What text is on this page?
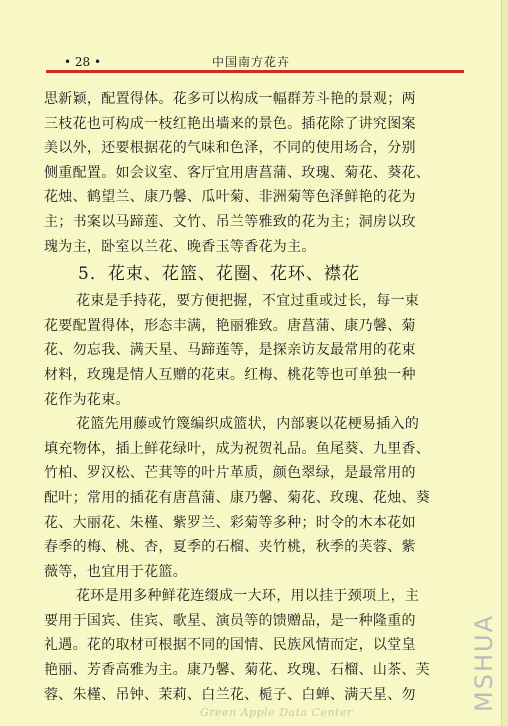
• 28 •	中国南方花卉
思新颖，配置得体。花多可以构成一幅群芳斗艳的景观；两
三枝花也可构成一枝红艳出墙来的景色。插花除了讲究图案
美以外，还要根据花的气味和色泽，不同的使用场合，分别
侧重配置。如会议室、客厅宜用唐菖蒲、玫瑰、菊花、葵花、
花烛、鹤望兰、康乃馨、瓜叶菊、非洲菊等色泽鲜艳的花为
主；书案以马蹄莲、文竹、吊兰等雅致的花为主；洞房以玫
瑰为主，卧室以兰花、晚香玉等香花为主。
5．花束、花篮、花圈、花环、襟花
花束是手持花，要方便把握，不宜过重或过长，每一束
花要配置得体，形态丰满，艳丽雅致。唐菖蒲、康乃馨、菊
花、勿忘我、满天星、马蹄莲等，是探亲访友最常用的花束
材料，玫瑰是情人互赠的花束。红梅、桃花等也可单独一种
花作为花束。
花篮先用藤或竹篾编织成篮状，内部裹以花梗易插入的
填充物体，插上鲜花绿叶，成为祝贺礼品。鱼尾葵、九里香、
竹柏、罗汉松、芒萁等的叶片革质，颜色翠绿，是最常用的
配叶；常用的插花有唐菖蒲、康乃馨、菊花、玫瑰、花烛、葵
花、大丽花、朱槿、紫罗兰、彩菊等多种；时令的木本花如
春季的梅、桃、杏，夏季的石榴、夹竹桃，秋季的芙蓉、紫
薇等，也宜用于花篮。
花环是用多种鲜花连缀成一大环，用以挂于颈项上，主
要用于国宾、佳宾、歌星、演员等的馈赠品，是一种隆重的
礼遇。花的取材可根据不同的国情、民族风情而定，以堂皇
艳丽、芳香高雅为主。康乃馨、菊花、玫瑰、石榴、山茶、芙
蓉、朱槿、吊钟、茉莉、白兰花、栀子、白蝉、满天星、勿	MSHUA
Green Apple Data Center
